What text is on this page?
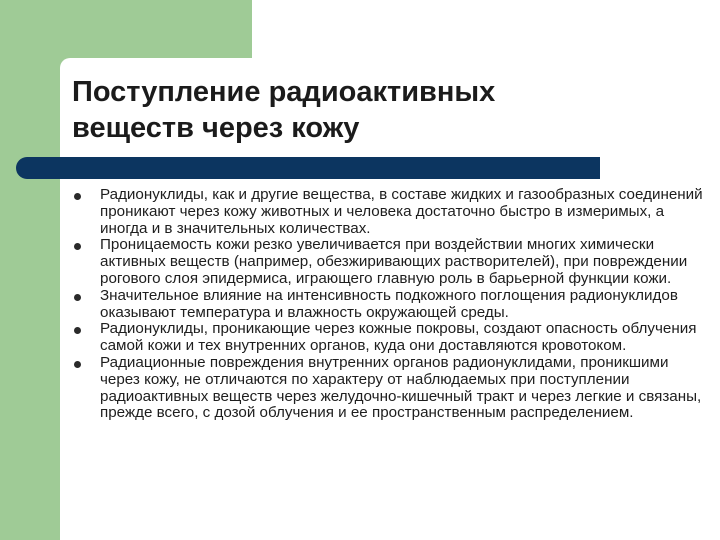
Поступление радиоактивных
веществ через кожу
Радионуклиды, как и другие вещества, в составе жидких и газообразных соединений проникают через кожу животных и человека достаточно быстро в измеримых, а иногда и в значительных количествах.
Проницаемость кожи резко увеличивается при воздействии многих химически активных веществ (например, обезжиривающих растворителей), при повреждении рогового слоя эпидермиса, играющего главную роль в барьерной функции кожи.
Значительное влияние на интенсивность подкожного поглощения радионуклидов оказывают температура и влажность окружающей среды.
Радионуклиды, проникающие через кожные покровы, создают опасность облучения самой кожи и тех внутренних органов, куда они доставляются кровотоком.
Радиационные повреждения внутренних органов радионуклидами, проникшими через кожу, не отличаются по характеру от наблюдаемых при поступлении радиоактивных веществ через желудочно-кишечный тракт и через легкие и связаны, прежде всего, с дозой облучения и ее пространственным распределением.
